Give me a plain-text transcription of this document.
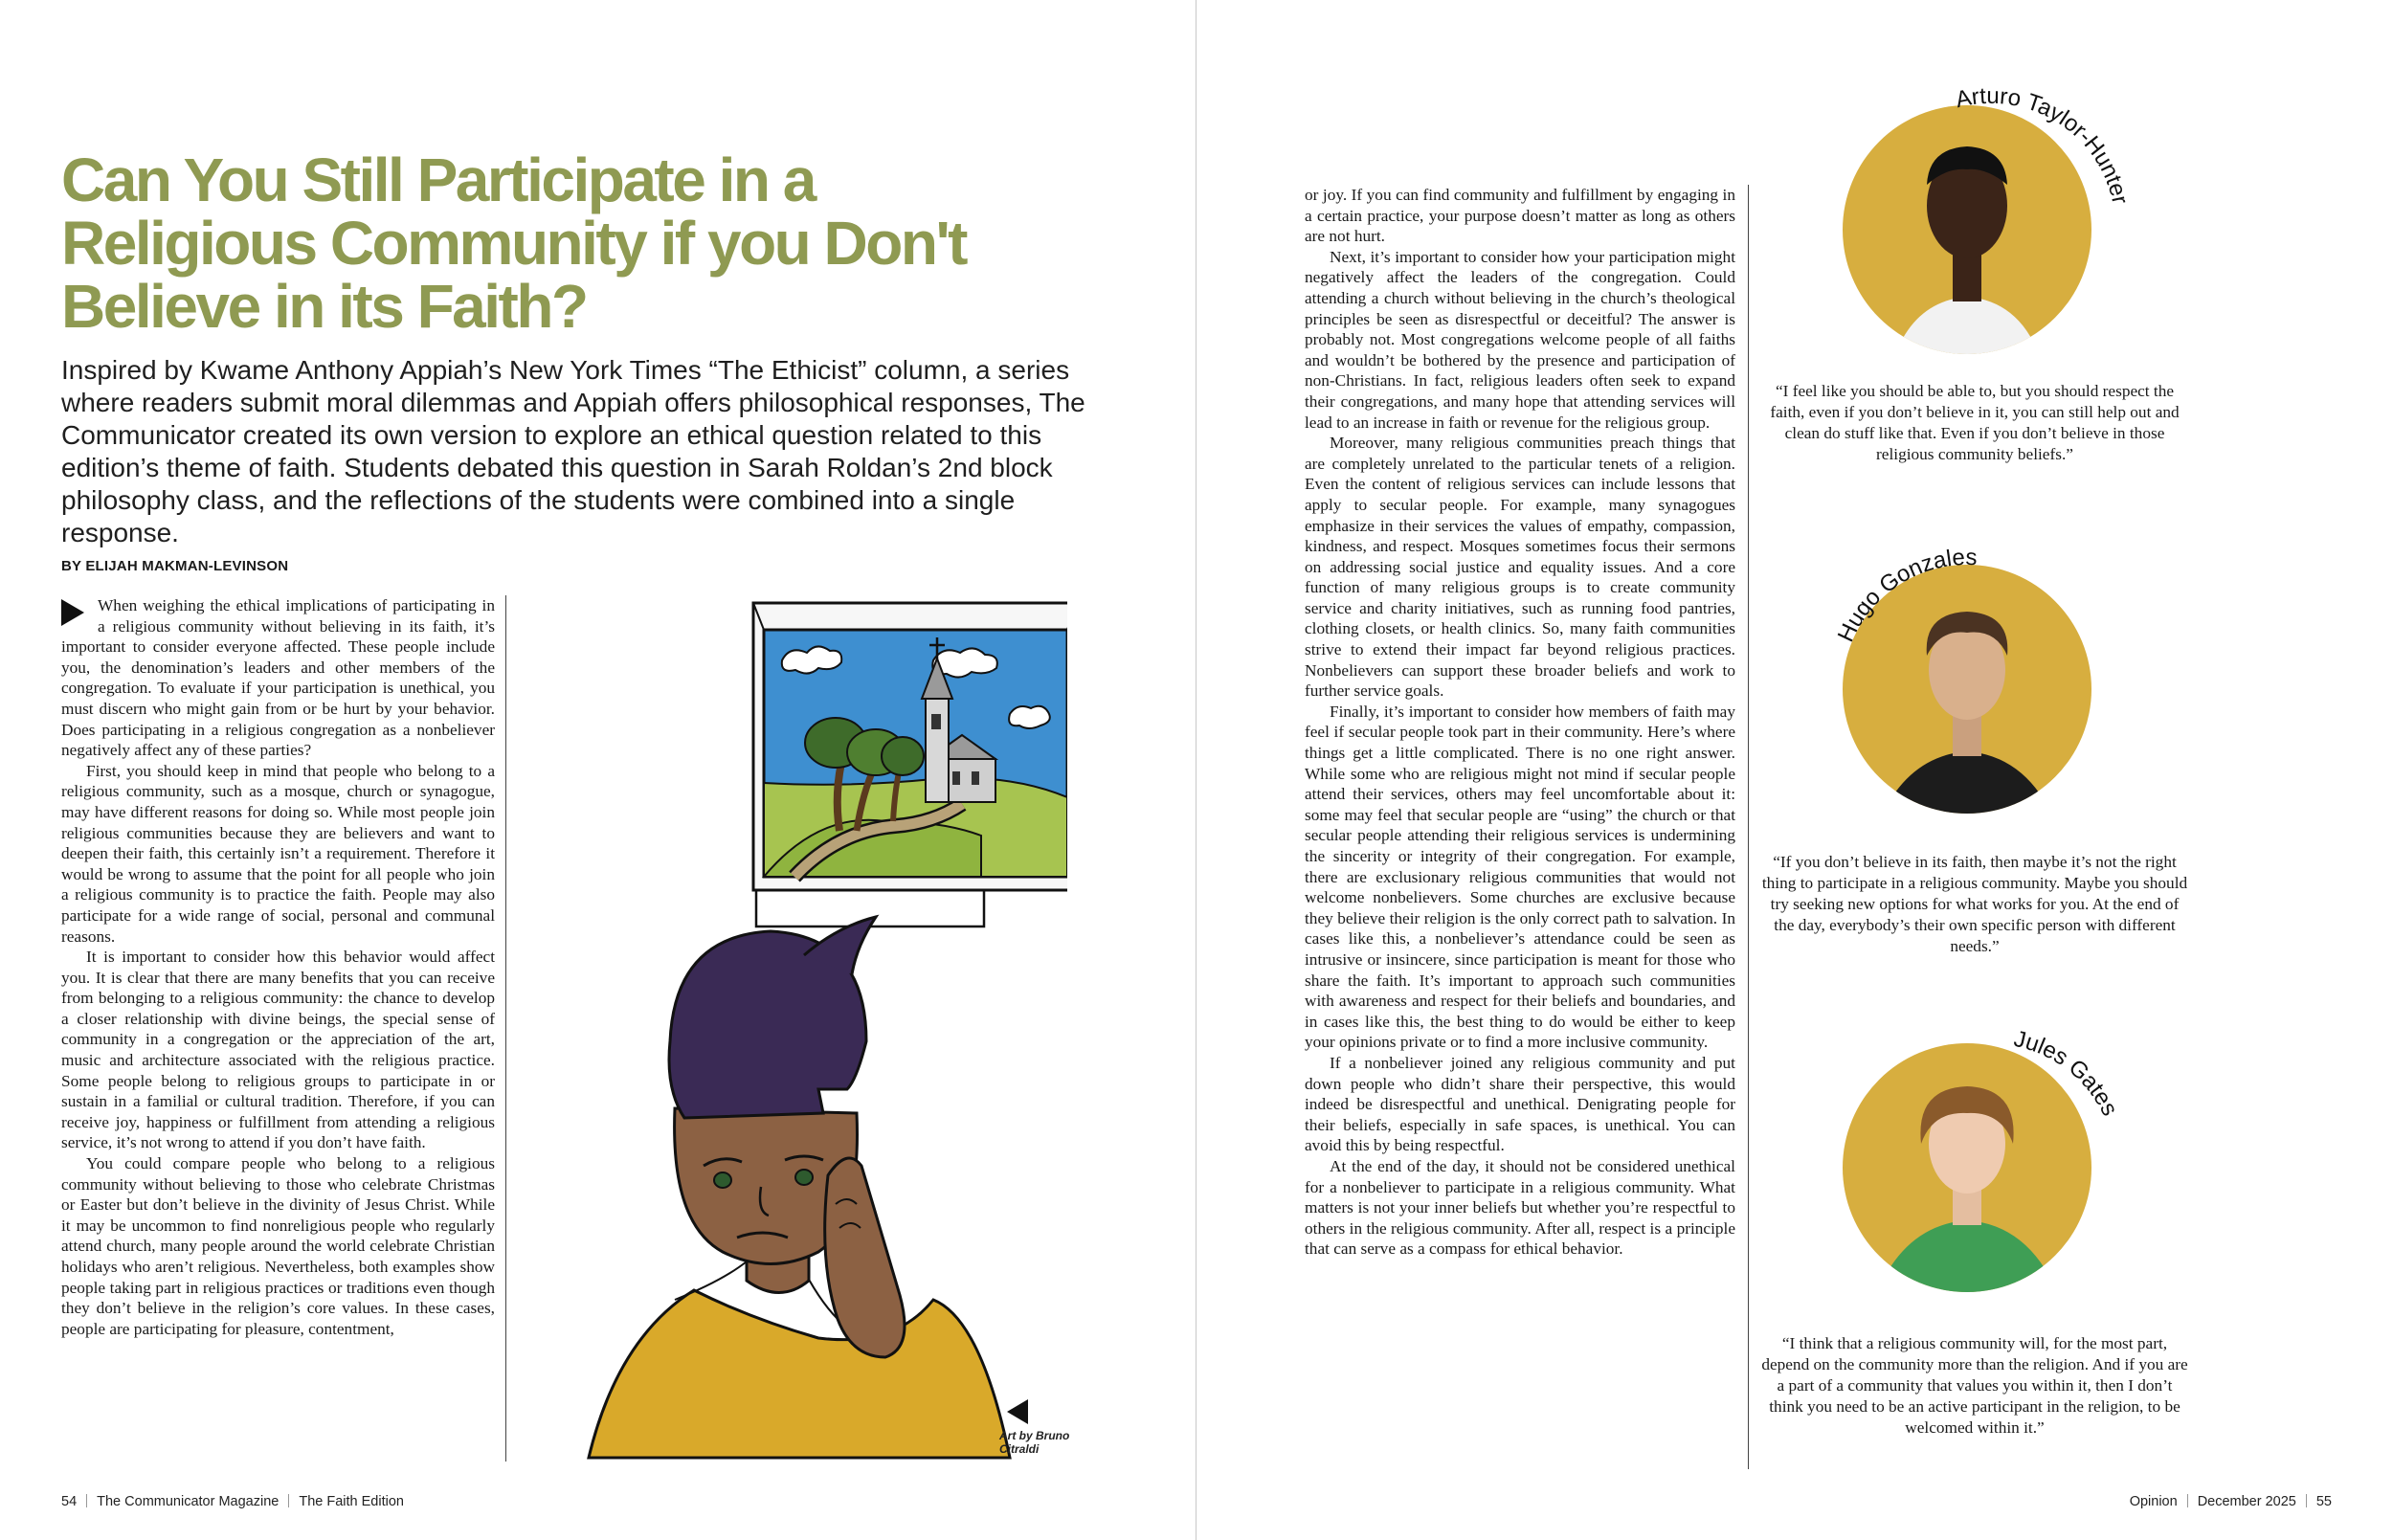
Can You Still Participate in a Religious Community if you Don't Believe in its Faith?

Inspired by Kwame Anthony Appiah’s New York Times “The Ethicist” column, a series where readers submit moral dilemmas and Appiah offers philosophical responses, The Communicator created its own version to explore an ethical question related to this edition’s theme of faith. Students debated this question in Sarah Roldan’s 2nd block philosophy class, and the reflections of the students were combined into a single response.

BY ELIJAH MAKMAN-LEVINSON

When weighing the ethical implications of participating in a religious community without believing in its faith, it’s important to consider everyone affected. These people include you, the denomination’s leaders and other members of the congregation. To evaluate if your participation is unethical, you must discern who might gain from or be hurt by your behavior. Does participating in a religious congregation as a nonbeliever negatively affect any of these parties?

First, you should keep in mind that people who belong to a religious community, such as a mosque, church or synagogue, may have different reasons for doing so. While most people join religious communities because they are believers and want to deepen their faith, this certainly isn’t a requirement. Therefore it would be wrong to assume that the point for all people who join a religious community is to practice the faith. People may also participate for a wide range of social, personal and communal reasons.

It is important to consider how this behavior would affect you. It is clear that there are many benefits that you can receive from belonging to a religious community: the chance to develop a closer relationship with divine beings, the special sense of community in a congregation or the appreciation of the art, music and architecture associated with the religious practice. Some people belong to religious groups to participate in or sustain in a familial or cultural tradition. Therefore, if you can receive joy, happiness or fulfillment from attending a religious service, it’s not wrong to attend if you don’t have faith.

You could compare people who belong to a religious community without believing to those who celebrate Christmas or Easter but don’t believe in the divinity of Jesus Christ. While it may be uncommon to find nonreligious people who regularly attend church, many people around the world celebrate Christian holidays who aren’t religious. Nevertheless, both examples show people taking part in religious practices or traditions even though they don’t believe in the religion’s core values. In these cases, people are participating for pleasure, contentment,

Art by Bruno Citraldi

or joy. If you can find community and fulfillment by engaging in a certain practice, your purpose doesn’t matter as long as others are not hurt.

Next, it’s important to consider how your participation might negatively affect the leaders of the congregation. Could attending a church without believing in the church’s theological principles be seen as disrespectful or deceitful? The answer is probably not. Most congregations welcome people of all faiths and wouldn’t be bothered by the presence and participation of non-Christians. In fact, religious leaders often seek to expand their congregations, and many hope that attending services will lead to an increase in faith or revenue for the religious group.

Moreover, many religious communities preach things that are completely unrelated to the particular tenets of a religion. Even the content of religious services can include lessons that apply to secular people. For example, many synagogues emphasize in their services the values of empathy, compassion, kindness, and respect. Mosques sometimes focus their sermons on addressing social justice and equality issues. And a core function of many religious groups is to create community service and charity initiatives, such as running food pantries, clothing closets, or health clinics. So, many faith communities strive to extend their impact far beyond religious practices. Nonbelievers can support these broader beliefs and work to further service goals.

Finally, it’s important to consider how members of faith may feel if secular people took part in their community. Here’s where things get a little complicated. There is no one right answer. While some who are religious might not mind if secular people attend their services, others may feel uncomfortable about it: some may feel that secular people are “using” the church or that secular people attending their religious services is undermining the sincerity or integrity of their congregation. For example, there are exclusionary religious communities that would not welcome nonbelievers. Some churches are exclusive because they believe their religion is the only correct path to salvation. In cases like this, a nonbeliever’s attendance could be seen as intrusive or insincere, since participation is meant for those who share the faith. It’s important to approach such communities with awareness and respect for their beliefs and boundaries, and in cases like this, the best thing to do would be either to keep your opinions private or to find a more inclusive community.

If a nonbeliever joined any religious community and put down people who didn’t share their perspective, this would indeed be disrespectful and unethical. Denigrating people for their beliefs, especially in safe spaces, is unethical. You can avoid this by being respectful.

At the end of the day, it should not be considered unethical for a nonbeliever to participate in a religious community. What matters is not your inner beliefs but whether you’re respectful to others in the religious community. After all, respect is a principle that can serve as a compass for ethical behavior.

Arturo Taylor-Hunter
“I feel like you should be able to, but you should respect the faith, even if you don’t believe in it, you can still help out and clean do stuff like that. Even if you don’t believe in those religious community beliefs.”
Hugo Gonzales
“If you don’t believe in its faith, then maybe it’s not the right thing to participate in a religious community. Maybe you should try seeking new options for what works for you. At the end of the day, everybody’s their own specific person with different needs.”
Jules Gates
“I think that a religious community will, for the most part, depend on the community more than the religion. And if you are a part of a community that values you within it, then I don’t think you need to be an active participant in the religion, to be welcomed within it.”
54 The Communicator Magazine The Faith Edition	Opinion December 2025 55
